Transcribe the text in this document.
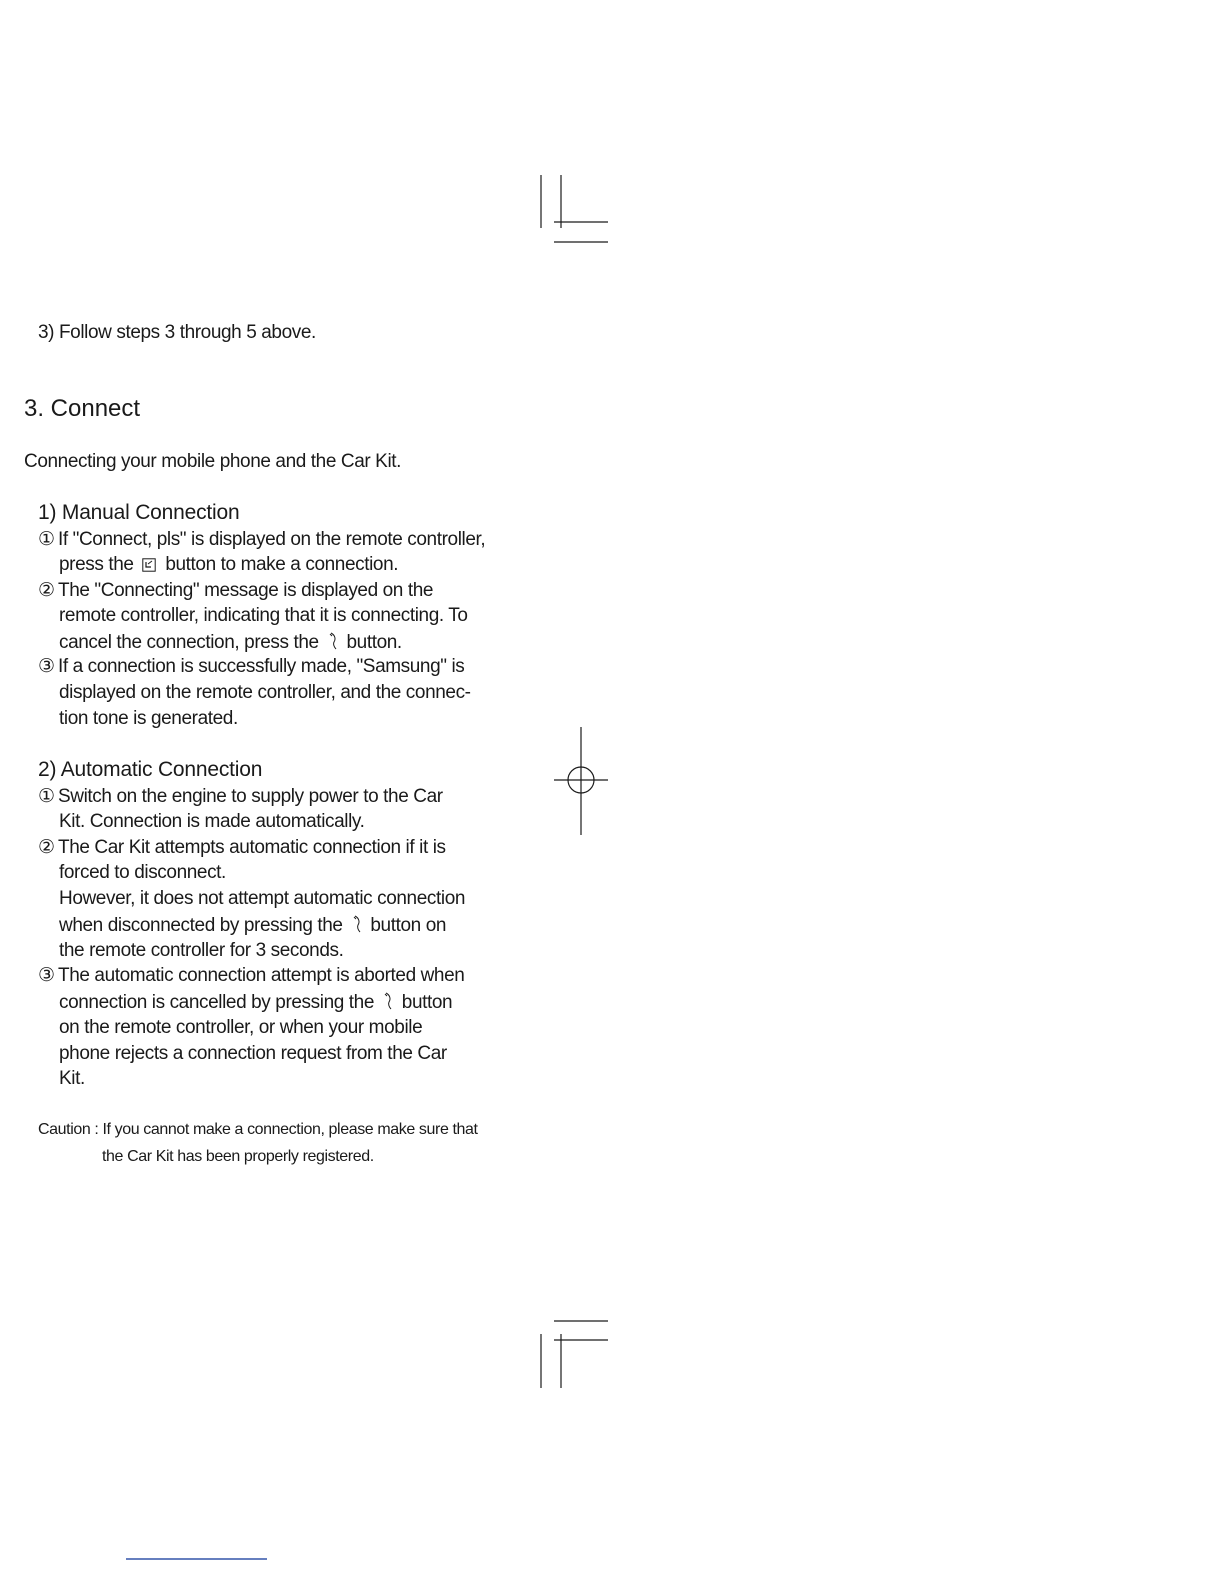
3) Follow steps 3 through 5 above.
3. Connect
Connecting your mobile phone and the Car Kit.
1) Manual Connection
① If "Connect, pls" is displayed on the remote controller,
press the button to make a connection.
② The "Connecting" message is displayed on the
remote controller, indicating that it is connecting. To
cancel the connection, press the button.
③ If a connection is successfully made, "Samsung" is
displayed on the remote controller, and the connec-
tion tone is generated.
2) Automatic Connection
① Switch on the engine to supply power to the Car
Kit. Connection is made automatically.
② The Car Kit attempts automatic connection if it is
forced to disconnect.
However, it does not attempt automatic connection
when disconnected by pressing the button on
the remote controller for 3 seconds.
③ The automatic connection attempt is aborted when
connection is cancelled by pressing the button
on the remote controller, or when your mobile
phone rejects a connection request from the Car
Kit.
Caution : If you cannot make a connection, please make sure that
the Car Kit has been properly registered.
